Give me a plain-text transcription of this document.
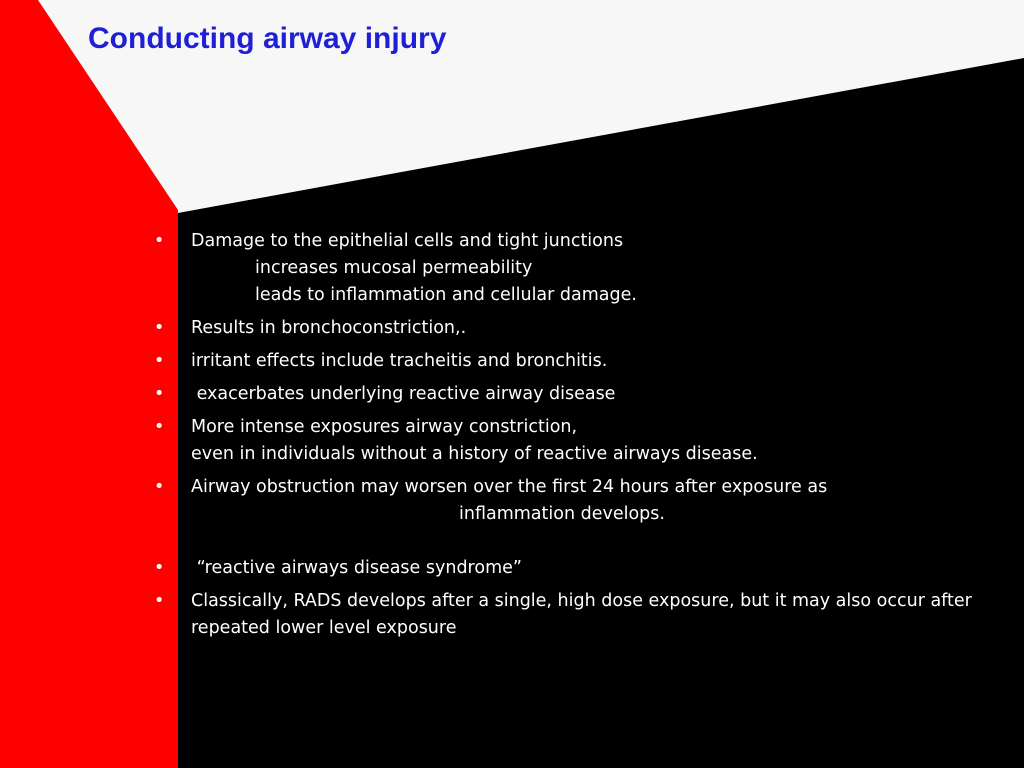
Conducting airway injury
• Damage to the epithelial cells and tight junctions
increases mucosal permeability
leads to inflammation and cellular damage.
• Results in bronchoconstriction,.
• irritant effects include tracheitis and bronchitis.
• exacerbates underlying reactive airway disease
• More intense exposures airway constriction,
even in individuals without a history of reactive airways disease.
• Airway obstruction may worsen over the first 24 hours after exposure as
inflammation develops.
• “reactive airways disease syndrome”
• Classically, RADS develops after a single, high dose exposure, but it may also occur after repeated lower level exposure
